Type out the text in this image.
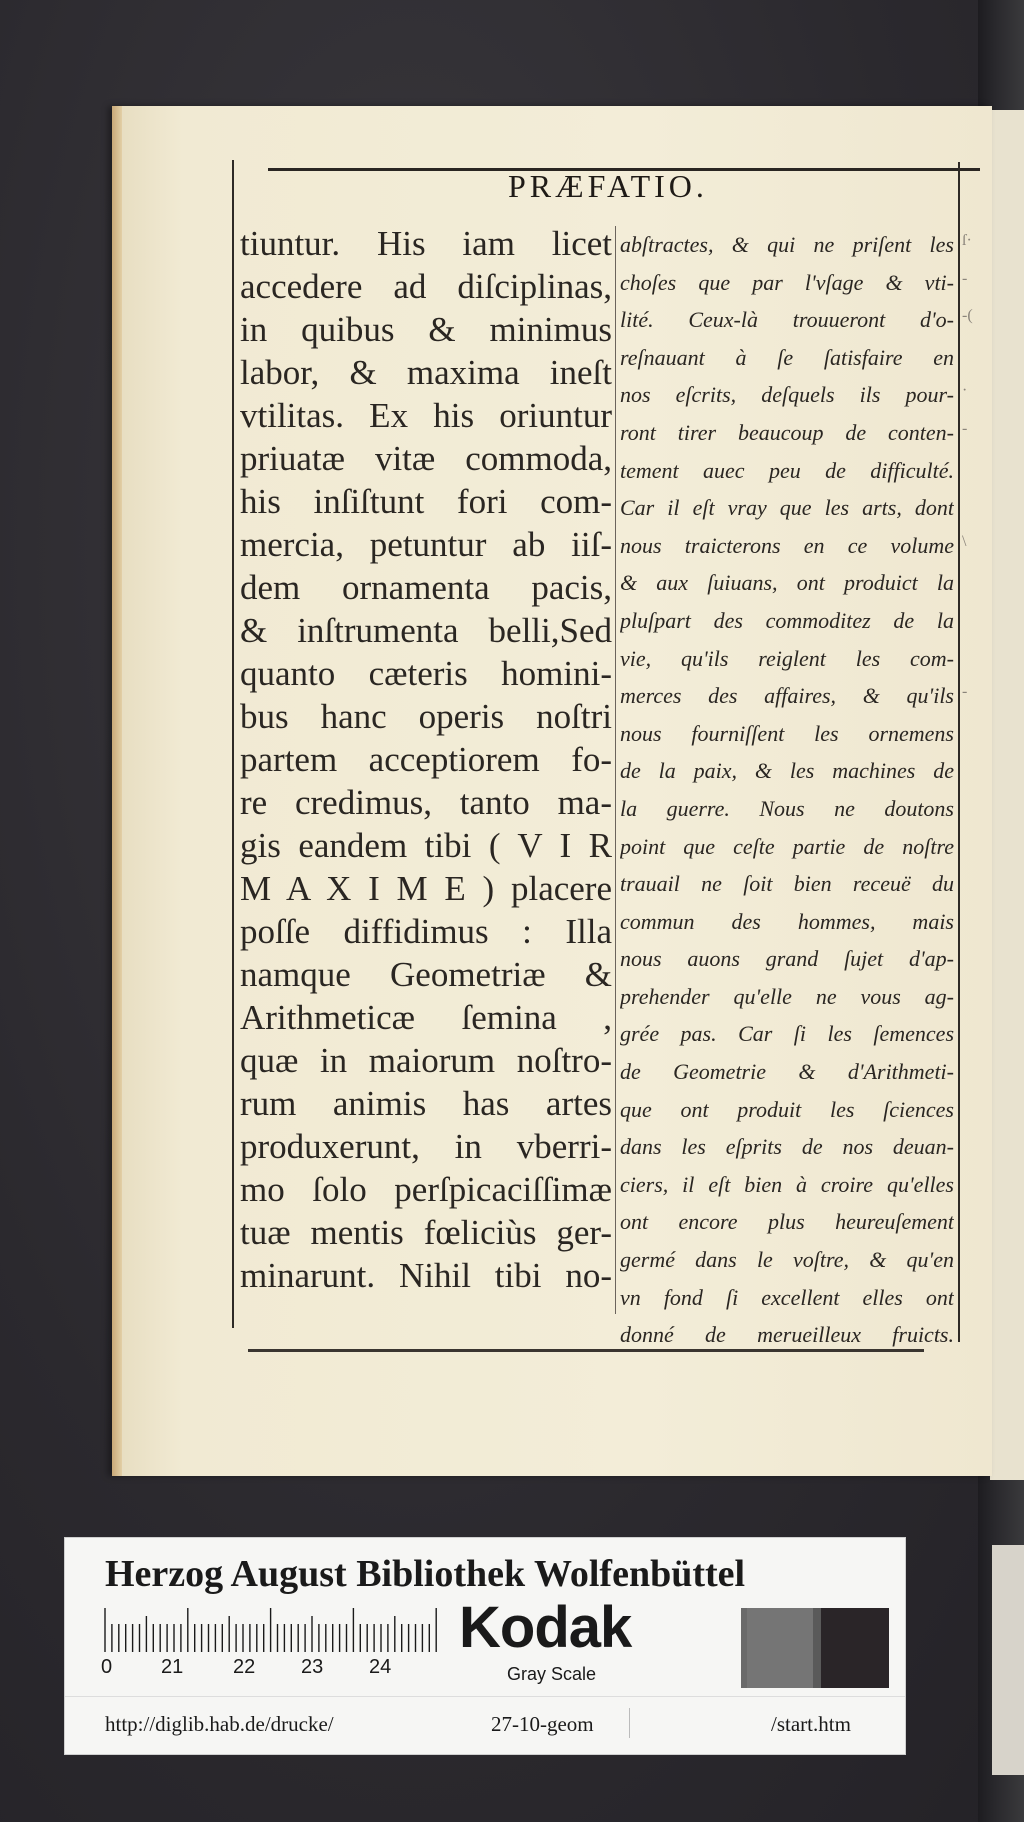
PRÆFATIO.
tiuntur. His iam licet
accedere ad diſciplinas,
in quibus & minimus
labor, & maxima ineſt
vtilitas. Ex his oriuntur
priuatæ vitæ commoda,
his inſiſtunt fori com-
mercia, petuntur ab iiſ-
dem ornamenta pacis,
& inſtrumenta belli,Sed
quanto cæteris homini-
bus hanc operis noſtri
partem acceptiorem fo-
re credimus, tanto ma-
gis eandem tibi ( V I R
M A X I M E ) placere
poſſe diffidimus : Illa
namque Geometriæ &
Arithmeticæ ſemina ,
quæ in maiorum noſtro-
rum animis has artes
produxerunt, in vberri-
mo ſolo perſpicaciſſimæ
tuæ mentis fœliciùs ger-
minarunt. Nihil tibi no-
abſtractes, & qui ne priſent les
choſes que par l'vſage & vti-
lité. Ceux-là trouueront d'o-
reſnauant à ſe ſatisfaire en
nos eſcrits, deſquels ils pour-
ront tirer beaucoup de conten-
tement auec peu de difficulté.
Car il eſt vray que les arts, dont
nous traicterons en ce volume
& aux ſuiuans, ont produict la
pluſpart des commoditez de la
vie, qu'ils reiglent les com-
merces des affaires, & qu'ils
nous fourniſſent les ornemens
de la paix, & les machines de
la guerre. Nous ne doutons
point que ceſte partie de noſtre
trauail ne ſoit bien receuë du
commun des hommes, mais
nous auons grand ſujet d'ap-
prehender qu'elle ne vous ag-
grée pas. Car ſi les ſemences
de Geometrie & d'Arithmeti-
que ont produit les ſciences
dans les eſprits de nos deuan-
ciers, il eſt bien à croire qu'elles
ont encore plus heureuſement
germé dans le voſtre, & qu'en
vn fond ſi excellent elles ont
donné de merueilleux fruicts.
ſ·
-
-(
·
-
\
-
Herzog August Bibliothek Wolfenbüttel
0 21 22 23 24
Kodak
Gray Scale
http://diglib.hab.de/drucke/	27-10-geom	/start.htm
